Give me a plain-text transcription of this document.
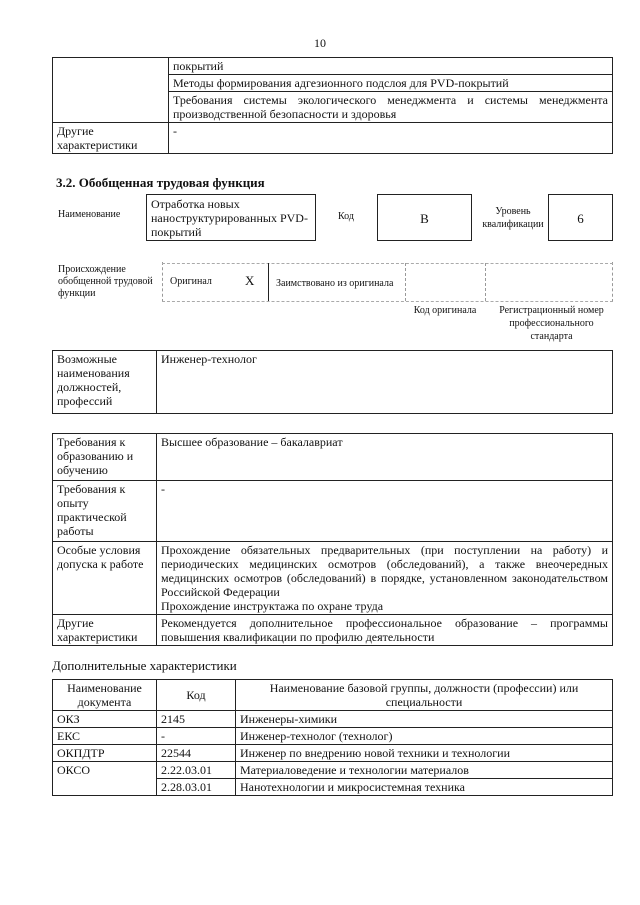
10
	покрытий
	Методы формирования адгезионного подслоя для PVD-покрытий
	Требования системы экологического менеджмента и системы менеджмента производственной безопасности и здоровья
Другие характеристики	-
3.2. Обобщенная трудовая функция
Наименование
Отработка новых наноструктурированных PVD-покрытий
Код	B	Уровень квалификации	6
Происхождение обобщенной трудовой функции
Оригинал	X Заимствовано из оригинала
Код оригинала	Регистрационный номер профессионального стандарта
Возможные наименования должностей, профессий	Инженер-технолог
Требования к образованию и обучению	Высшее образование – бакалавриат
Требования к опыту практической работы	-
Особые условия допуска к работе	Прохождение обязательных предварительных (при поступлении на работу) и периодических медицинских осмотров (обследований), а также внеочередных медицинских осмотров (обследований) в порядке, установленном законодательством Российской Федерации
Прохождение инструктажа по охране труда

Другие характеристики	Рекомендуется дополнительное профессиональное образование – программы повышения квалификации по профилю деятельности
Дополнительные характеристики
Наименование документа	Код	Наименование базовой группы, должности (профессии) или специальности
ОКЗ	2145	Инженеры-химики
ЕКС	-	Инженер-технолог (технолог)
ОКПДТР	22544	Инженер по внедрению новой техники и технологии
ОКСО	2.22.03.01	Материаловедение и технологии материалов
	2.28.03.01	Нанотехнологии и микросистемная техника
